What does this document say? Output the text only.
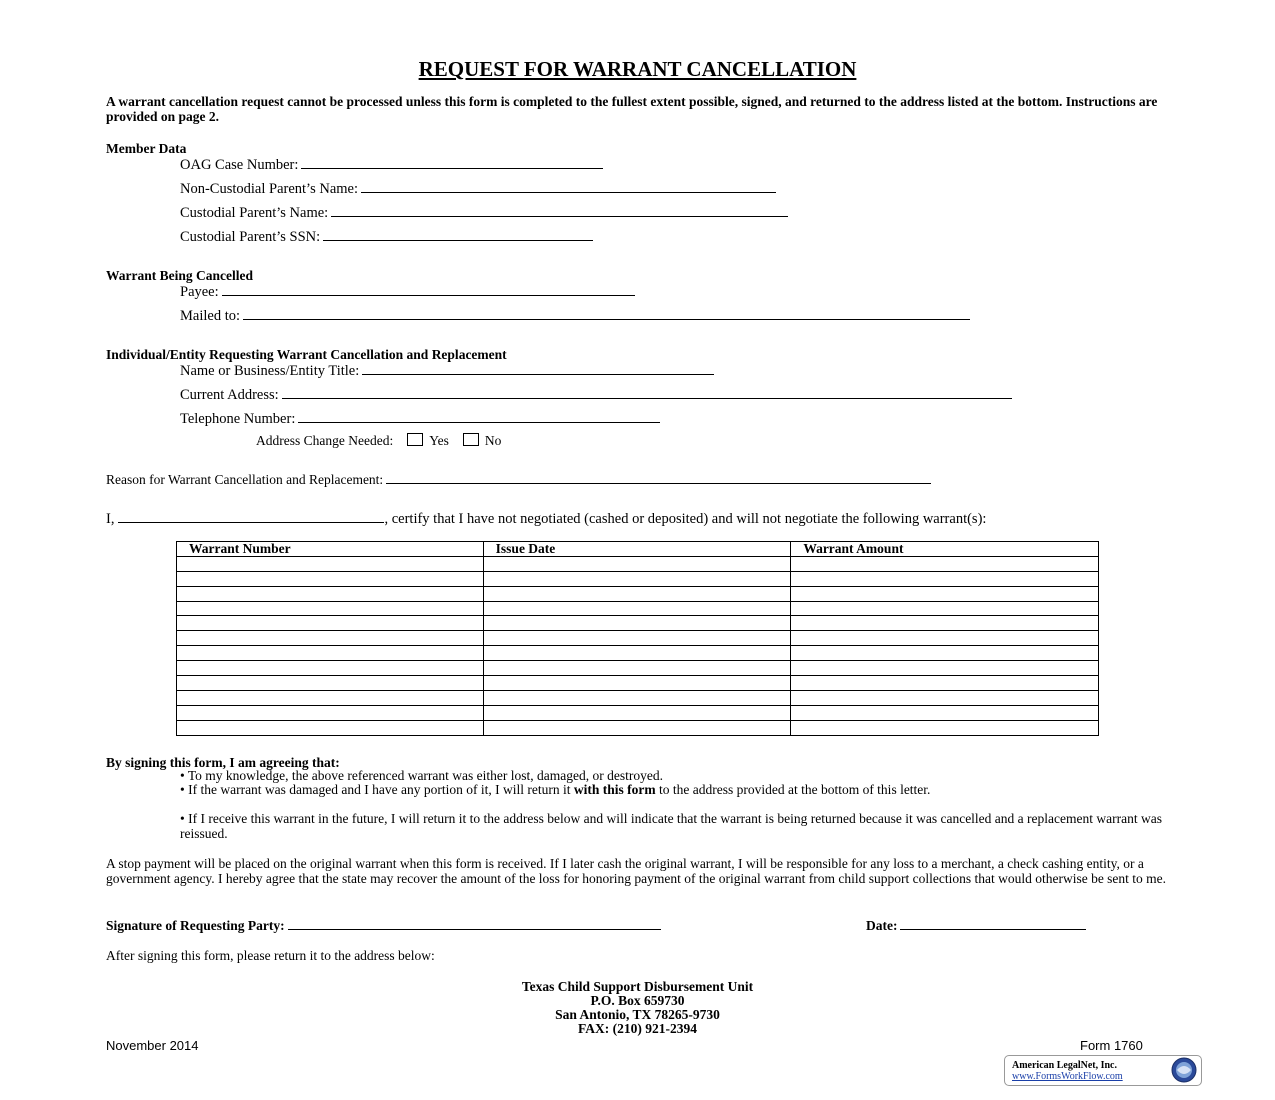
REQUEST FOR WARRANT CANCELLATION
A warrant cancellation request cannot be processed unless this form is completed to the fullest extent possible, signed, and returned to the address listed at the bottom. Instructions are provided on page 2.
Member Data
OAG Case Number:
Non-Custodial Parent’s Name:
Custodial Parent’s Name:
Custodial Parent’s SSN:
Warrant Being Cancelled
Payee:
Mailed to:
Individual/Entity Requesting Warrant Cancellation and Replacement
Name or Business/Entity Title:
Current Address:
Telephone Number:
Address Change Needed:	Yes	No
Reason for Warrant Cancellation and Replacement:
I,	, certify that I have not negotiated (cashed or deposited) and will not negotiate the following warrant(s):
Warrant Number	Issue Date	Warrant Amount

By signing this form, I am agreeing that:
• To my knowledge, the above referenced warrant was either lost, damaged, or destroyed.
• If the warrant was damaged and I have any portion of it, I will return it with this form to the address provided at the bottom of this letter.
• If I receive this warrant in the future, I will return it to the address below and will indicate that the warrant is being returned because it was cancelled and a replacement warrant was reissued.
A stop payment will be placed on the original warrant when this form is received. If I later cash the original warrant, I will be responsible for any loss to a merchant, a check cashing entity, or a government agency. I hereby agree that the state may recover the amount of the loss for honoring payment of the original warrant from child support collections that would otherwise be sent to me.
Signature of Requesting Party:	Date:
After signing this form, please return it to the address below:
Texas Child Support Disbursement Unit
P.O. Box 659730
San Antonio, TX 78265-9730
FAX: (210) 921-2394
November 2014	Form 1760
American LegalNet, Inc.
www.FormsWorkFlow.com
